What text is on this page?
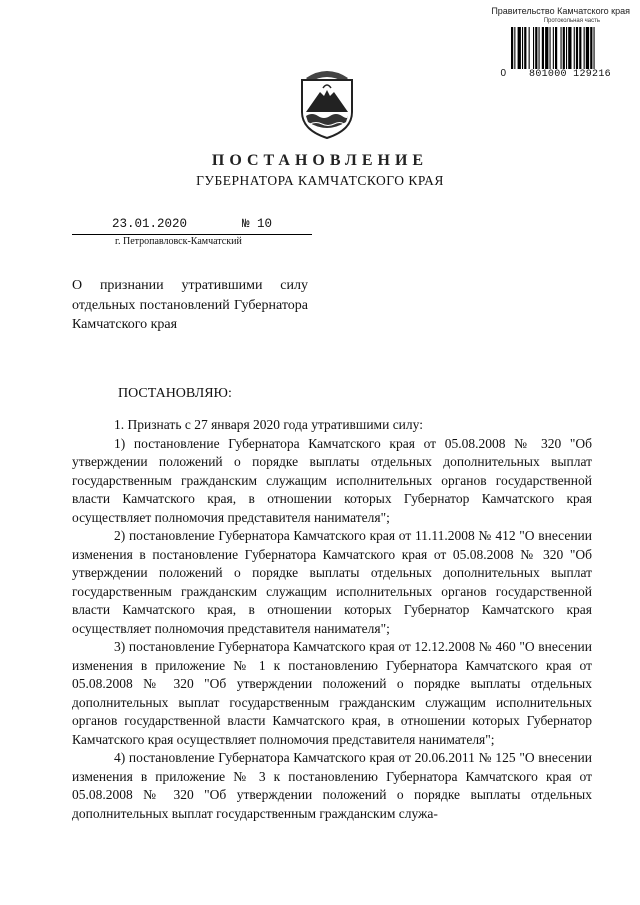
Правительство Камчатского края
Протокольная часть
0	801000 129216
ПОСТАНОВЛЕНИЕ
ГУБЕРНАТОРА КАМЧАТСКОГО КРАЯ
23.01.2020	№ 10
г. Петропавловск-Камчатский
О признании утратившими силу отдельных постановлений Губернатора Камчатского края
ПОСТАНОВЛЯЮ:

1. Признать с 27 января 2020 года утратившими силу:

1) постановление Губернатора Камчатского края от 05.08.2008 № 320 "Об утверждении положений о порядке выплаты отдельных дополнительных выплат государственным гражданским служащим исполнительных органов государственной власти Камчатского края, в отношении которых Губернатор Камчатского края осуществляет полномочия представителя нанимателя";

2) постановление Губернатора Камчатского края от 11.11.2008 № 412 "О внесении изменения в постановление Губернатора Камчатского края от 05.08.2008 № 320 "Об утверждении положений о порядке выплаты отдельных дополнительных выплат государственным гражданским служащим исполнительных органов государственной власти Камчатского края, в отношении которых Губернатор Камчатского края осуществляет полномочия представителя нанимателя";

3) постановление Губернатора Камчатского края от 12.12.2008 № 460 "О внесении изменения в приложение № 1 к постановлению Губернатора Камчатского края от 05.08.2008 № 320 "Об утверждении положений о порядке выплаты отдельных дополнительных выплат государственным гражданским служащим исполнительных органов государственной власти Камчатского края, в отношении которых Губернатор Камчатского края осуществляет полномочия представителя нанимателя";

4) постановление Губернатора Камчатского края от 20.06.2011 № 125 "О внесении изменения в приложение № 3 к постановлению Губернатора Камчатского края от 05.08.2008 № 320 "Об утверждении положений о порядке выплаты отдельных дополнительных выплат государственным гражданским служа-
